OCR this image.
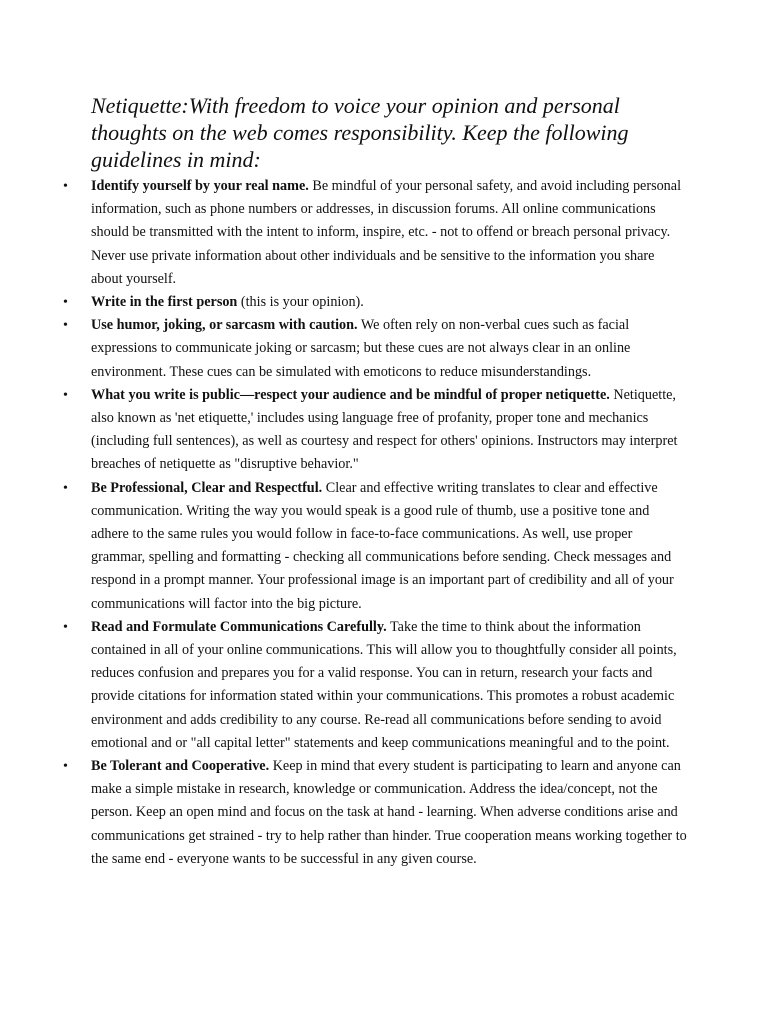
Netiquette:With freedom to voice your opinion and personal thoughts on the web comes responsibility. Keep the following guidelines in mind:
• Identify yourself by your real name. Be mindful of your personal safety, and avoid including personal information, such as phone numbers or addresses, in discussion forums. All online communications should be transmitted with the intent to inform, inspire, etc. - not to offend or breach personal privacy. Never use private information about other individuals and be sensitive to the information you share about yourself.
• Write in the first person (this is your opinion).
• Use humor, joking, or sarcasm with caution. We often rely on non-verbal cues such as facial expressions to communicate joking or sarcasm; but these cues are not always clear in an online environment. These cues can be simulated with emoticons to reduce misunderstandings.
• What you write is public—respect your audience and be mindful of proper netiquette. Netiquette, also known as 'net etiquette,' includes using language free of profanity, proper tone and mechanics (including full sentences), as well as courtesy and respect for others' opinions. Instructors may interpret breaches of netiquette as "disruptive behavior."
• Be Professional, Clear and Respectful. Clear and effective writing translates to clear and effective communication. Writing the way you would speak is a good rule of thumb, use a positive tone and adhere to the same rules you would follow in face-to-face communications. As well, use proper grammar, spelling and formatting - checking all communications before sending. Check messages and respond in a prompt manner. Your professional image is an important part of credibility and all of your communications will factor into the big picture.
• Read and Formulate Communications Carefully. Take the time to think about the information contained in all of your online communications. This will allow you to thoughtfully consider all points, reduces confusion and prepares you for a valid response. You can in return, research your facts and provide citations for information stated within your communications. This promotes a robust academic environment and adds credibility to any course. Re-read all communications before sending to avoid emotional and or "all capital letter" statements and keep communications meaningful and to the point.
• Be Tolerant and Cooperative. Keep in mind that every student is participating to learn and anyone can make a simple mistake in research, knowledge or communication. Address the idea/concept, not the person. Keep an open mind and focus on the task at hand - learning. When adverse conditions arise and communications get strained - try to help rather than hinder. True cooperation means working together to the same end - everyone wants to be successful in any given course.
